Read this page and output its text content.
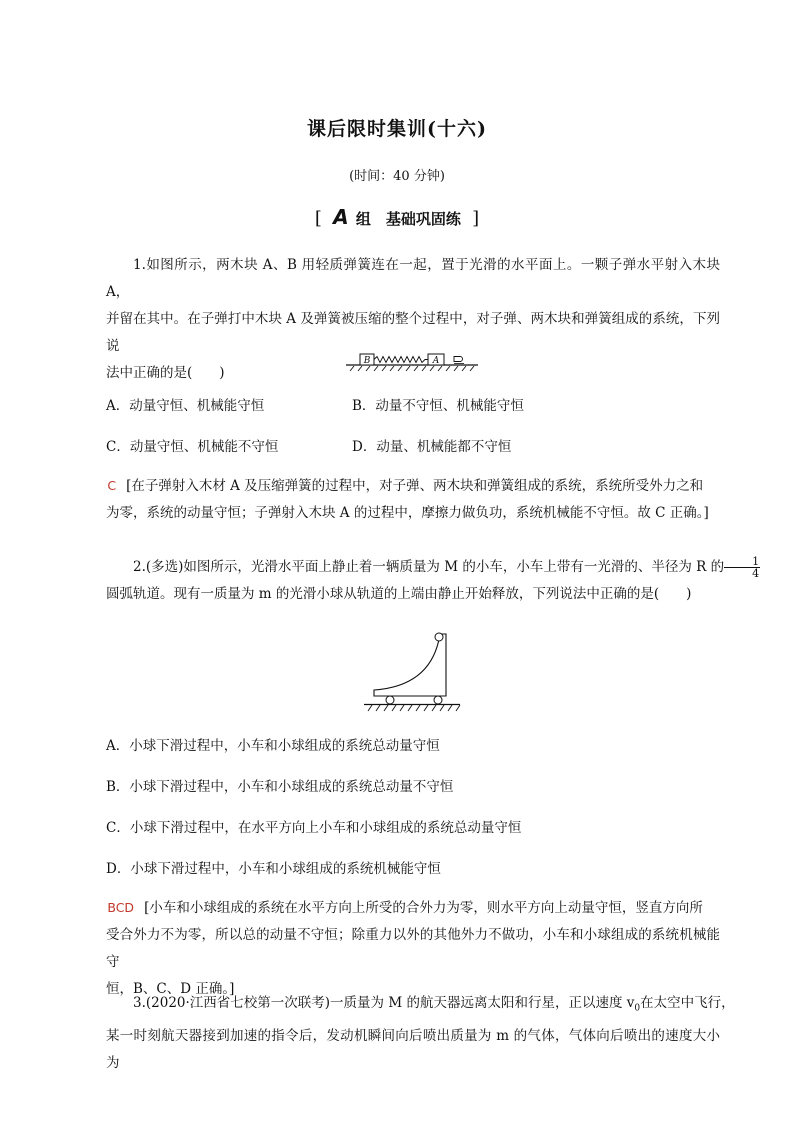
课后限时集训(十六)
(时间：40 分钟)
[ A 组　基础巩固练 ]
1.如图所示，两木块 A、B 用轻质弹簧连在一起，置于光滑的水平面上。一颗子弹水平射入木块 A，
并留在其中。在子弹打中木块 A 及弹簧被压缩的整个过程中，对子弹、两木块和弹簧组成的系统，下列说
法中正确的是(　　)
B	A
A．动量守恒、机械能守恒	B．动量不守恒、机械能守恒
C．动量守恒、机械能不守恒	D．动量、机械能都不守恒
C [在子弹射入木材 A 及压缩弹簧的过程中，对子弹、两木块和弹簧组成的系统，系统所受外力之和
为零，系统的动量守恒；子弹射入木块 A 的过程中，摩擦力做负功，系统机械能不守恒。故 C 正确。]
2.(多选)如图所示，光滑水平面上静止着一辆质量为 M 的小车，小车上带有一光滑的、半径为 R 的 $\frac{1}{4}$
圆弧轨道。现有一质量为 m 的光滑小球从轨道的上端由静止开始释放，下列说法中正确的是(　　)
A．小球下滑过程中，小车和小球组成的系统总动量守恒
B．小球下滑过程中，小车和小球组成的系统总动量不守恒
C．小球下滑过程中，在水平方向上小车和小球组成的系统总动量守恒
D．小球下滑过程中，小车和小球组成的系统机械能守恒
BCD [小车和小球组成的系统在水平方向上所受的合外力为零，则水平方向上动量守恒，竖直方向所
受合外力不为零，所以总的动量不守恒；除重力以外的其他外力不做功，小车和小球组成的系统机械能守
恒，B、C、D 正确。]
3.(2020·江西省七校第一次联考)一质量为 M 的航天器远离太阳和行星，正以速度 $v_0$在太空中飞行，
某一时刻航天器接到加速的指令后，发动机瞬间向后喷出质量为 m 的气体，气体向后喷出的速度大小为
